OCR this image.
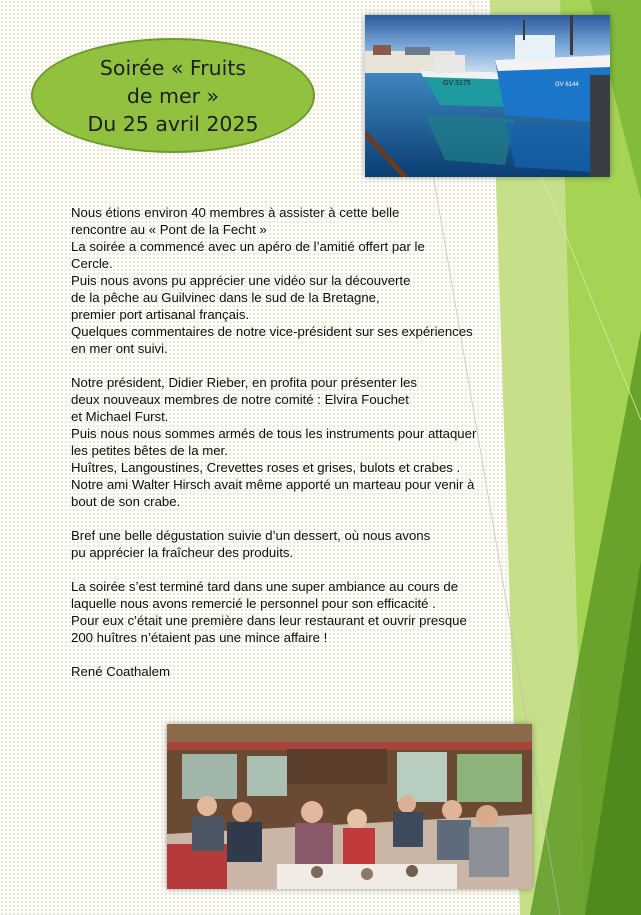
Soirée « Fruits
de mer »
Du 25 avril 2025
GV 3175	GV 6144

Nous étions environ 40 membres à assister à cette belle

rencontre au « Pont de la Fecht »

La soirée a commencé avec un apéro de l’amitié offert par le

Cercle.

Puis nous avons pu apprécier une vidéo sur la découverte

de la pêche au Guilvinec dans le sud de la Bretagne,

premier port artisanal français.

Quelques commentaires de notre vice-président sur ses expériences

en mer ont suivi.

Notre président, Didier Rieber, en profita pour présenter les

deux nouveaux membres de notre comité : Elvira Fouchet

et Michael Furst.

Puis nous nous sommes armés de tous les instruments pour attaquer

les petites bêtes de la mer.

Huîtres, Langoustines, Crevettes roses et grises, bulots et crabes .

Notre ami Walter Hirsch avait même apporté un marteau pour venir à

bout de son crabe.

Bref une belle dégustation suivie d’un dessert, où nous avons

pu apprécier la fraîcheur des produits.

La soirée s’est terminé tard dans une super ambiance au cours de

laquelle nous avons remercié le personnel pour son efficacité .

Pour eux c’était une première dans leur restaurant et ouvrir presque

200 huîtres n’étaient pas une mince affaire !

René Coathalem
